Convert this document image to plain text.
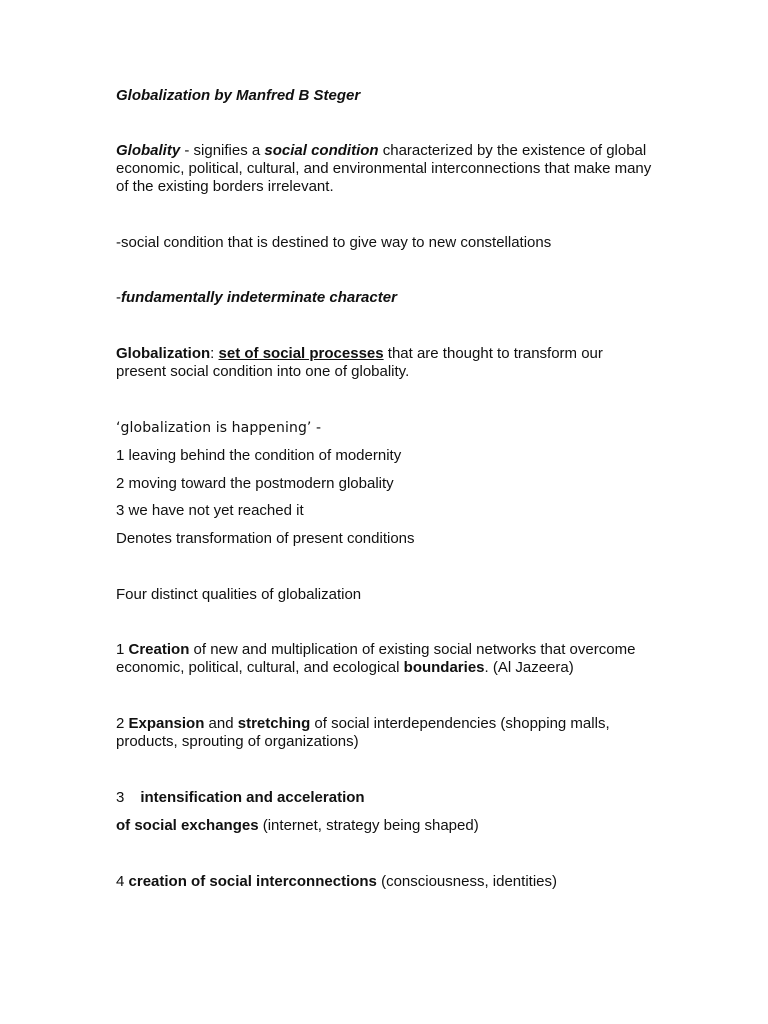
Globalization by Manfred B Steger

Globality - signifies a social condition characterized by the existence of global economic, political, cultural, and environmental interconnections that make many of the existing borders irrelevant.

-social condition that is destined to give way to new constellations

-fundamentally indeterminate character

Globalization: set of social processes that are thought to transform our present social condition into one of globality.

‘globalization is happening’ -

1 leaving behind the condition of modernity

2 moving toward the postmodern globality

3 we have not yet reached it

Denotes transformation of present conditions

Four distinct qualities of globalization

1 Creation of new and multiplication of existing social networks that overcome economic, political, cultural, and ecological boundaries. (Al Jazeera)

2 Expansion and stretching of social interdependencies (shopping malls, products, sprouting of organizations)

3 intensification and acceleration

of social exchanges (internet, strategy being shaped)

4 creation of social interconnections (consciousness, identities)
